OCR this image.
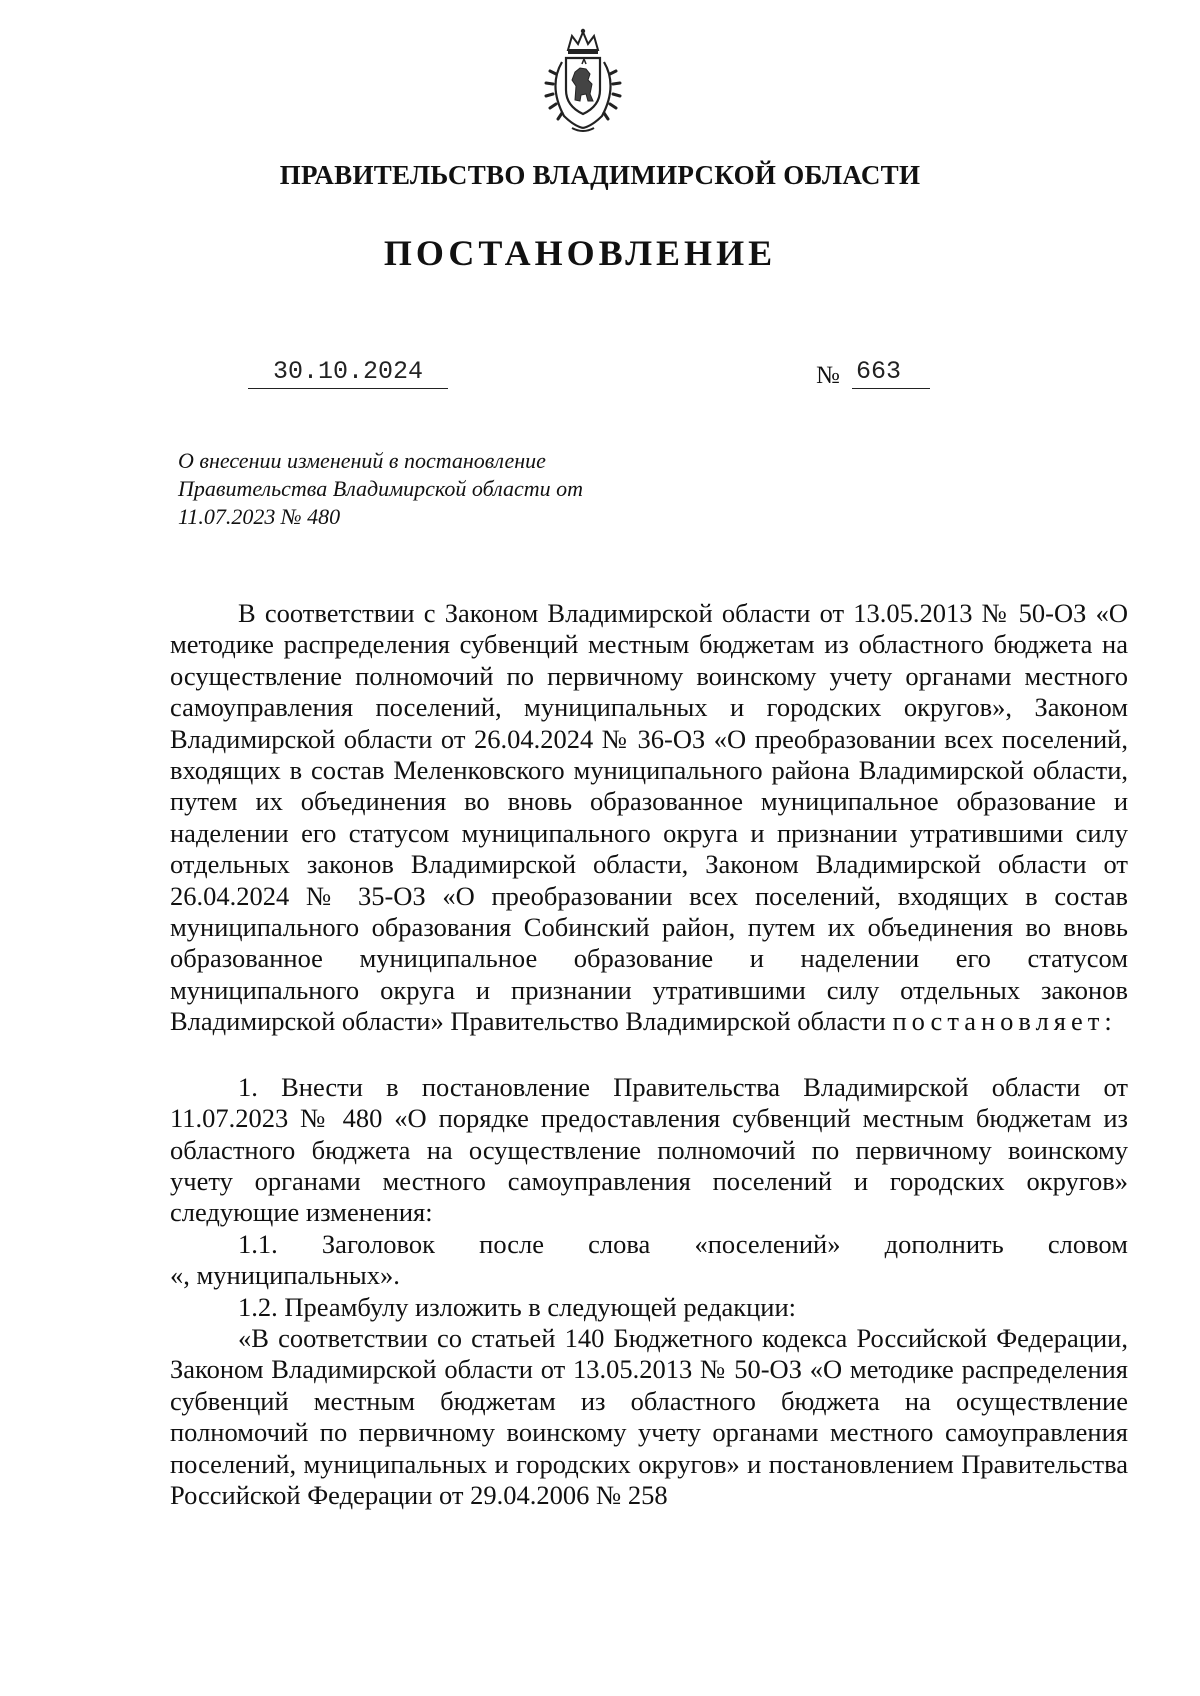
ПРАВИТЕЛЬСТВО ВЛАДИМИРСКОЙ ОБЛАСТИ
ПОСТАНОВЛЕНИЕ
30.10.2024	№ 663
О внесении изменений в постановление
Правительства Владимирской области от
11.07.2023 № 480

В соответствии с Законом Владимирской области от 13.05.2013 № 50-ОЗ «О методике распределения субвенций местным бюджетам из областного бюджета на осуществление полномочий по первичному воинскому учету органами местного самоуправления поселений, муниципальных и городских округов», Законом Владимирской области от 26.04.2024 № 36-ОЗ «О преобразовании всех поселений, входящих в состав Меленковского муниципального района Владимирской области, путем их объединения во вновь образованное муниципальное образование и наделении его статусом муниципального округа и признании утратившими силу отдельных законов Владимирской области, Законом Владимирской области от 26.04.2024 № 35-ОЗ «О преобразовании всех поселений, входящих в состав муниципального образования Собинский район, путем их объединения во вновь образованное муниципальное образование и наделении его статусом муниципального округа и признании утратившими силу отдельных законов Владимирской области» Правительство Владимирской области постановляет:

1. Внести в постановление Правительства Владимирской области от 11.07.2023 № 480 «О порядке предоставления субвенций местным бюджетам из областного бюджета на осуществление полномочий по первичному воинскому учету органами местного самоуправления поселений и городских округов» следующие изменения:

1.1. Заголовок после слова «поселений» дополнить словом
«, муниципальных».

1.2. Преамбулу изложить в следующей редакции:

«В соответствии со статьей 140 Бюджетного кодекса Российской Федерации, Законом Владимирской области от 13.05.2013 № 50-ОЗ «О методике распределения субвенций местным бюджетам из областного бюджета на осуществление полномочий по первичному воинскому учету органами местного самоуправления поселений, муниципальных и городских округов» и постановлением Правительства Российской Федерации от 29.04.2006 № 258
